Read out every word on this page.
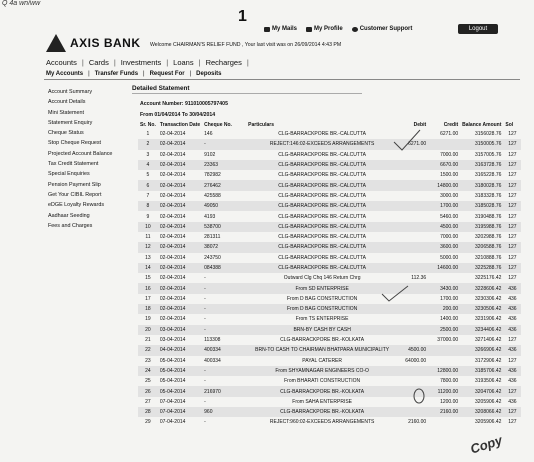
Q 4a wn/ww
1
My Mails	My Profile	Customer Support	Logout
AXIS BANK Welcome CHAIRMAN'S RELIEF FUND , Your last visit was on 26/09/2014 4:43 PM
Accounts | Cards | Investments | Loans | Recharges |
My Accounts | Transfer Funds | Request For | Deposits
Account Summary
Account Details
Mini Statement
Statement Enquiry
Cheque Status
Stop Cheque Request
Projected Account Balance
Tax Credit Statement
Special Enquiries
Pension Payment Slip
Get Your CIBIL Report
eDGE Loyalty Rewards
Aadhaar Seeding
Fees and Charges
Detailed Statement
Account Number: 911010005797405
From 01/04/2014 To 30/04/2014
Sr. No.	Transaction Date	Cheque No.	Particulars	Debit	Credit	Balance Amount	Sol
1	02-04-2014	146	CLG-BARRACKPORE BR.-CALCUTTA		6271.00	3156028.76	127
2	02-04-2014	-	REJECT:146:02-EXCEEDS ARRANGEMENTS	6271.00		3150005.76	127
3	02-04-2014	9102	CLG-BARRACKPORE BR.-CALCUTTA		7000.00	3157005.76	127
4	02-04-2014	23363	CLG-BARRACKPORE BR.-CALCUTTA		6670.00	3163728.76	127
5	02-04-2014	782982	CLG-BARRACKPORE BR.-CALCUTTA		1500.00	3165228.76	127
6	02-04-2014	276462	CLG-BARRACKPORE BR.-CALCUTTA		14800.00	3180028.76	127
7	02-04-2014	425588	CLG-BARRACKPORE BR.-CALCUTTA		3000.00	3183328.76	127
8	02-04-2014	49050	CLG-BARRACKPORE BR.-CALCUTTA		1700.00	3185028.76	127
9	02-04-2014	4193	CLG-BARRACKPORE BR.-CALCUTTA		5460.00	3190488.76	127
10	02-04-2014	538700	CLG-BARRACKPORE BR.-CALCUTTA		4500.00	3195988.76	127
11	02-04-2014	281311	CLG-BARRACKPORE BR.-CALCUTTA		7000.00	3202988.76	127
12	02-04-2014	38072	CLG-BARRACKPORE BR.-CALCUTTA		3600.00	3206588.76	127
13	02-04-2014	243750	CLG-BARRACKPORE BR.-CALCUTTA		5000.00	3210888.76	127
14	02-04-2014	084388	CLG-BARRACKPORE BR.-CALCUTTA		14600.00	3225288.76	127
15	02-04-2014	-	Outward Clg Chq 146 Return Chrg	112.36		3225176.42	127
16	02-04-2014	-	From SD ENTERPRISE		3430.00	3228606.42	436
17	02-04-2014	-	From D BAG CONSTRUCTION		1700.00	3230306.42	436
18	02-04-2014	-	From D BAG CONSTRUCTION		200.00	3230506.42	436
19	02-04-2014	-	From TS ENTERPRISE		1400.00	3231906.42	436
20	03-04-2014	-	BRN-BY CASH BY CASH		2500.00	3234406.42	436
21	03-04-2014	113308	CLG-BARRACKPORE BR.-KOLKATA		37000.00	3271406.42	127
22	04-04-2014	400334	BRN-TO CASH TO CHAIRMAN BHATPARA MUNICIPALITY	4500.00		3266906.42	436
23	05-04-2014	400334	PAYAL CATERER	64000.00		3172906.42	127
24	05-04-2014	-	From SHYAMNAGAR ENGINEERS CO-O		12800.00	3185706.42	436
25	05-04-2014	-	From BHARATI CONSTRUCTION		7800.00	3193506.42	436
26	05-04-2014	216970	CLG-BARRACKPORE BR.-KOLKATA		11200.00	3204706.42	127
27	07-04-2014	-	From SAHA ENTERPRISE		1200.00	3205906.42	436
28	07-04-2014	960	CLG-BARRACKPORE BR.-KOLKATA		2160.00	3208066.42	127
29	07-04-2014	-	REJECT:960:02-EXCEEDS ARRANGEMENTS	2160.00		3205906.42	127
Copy
